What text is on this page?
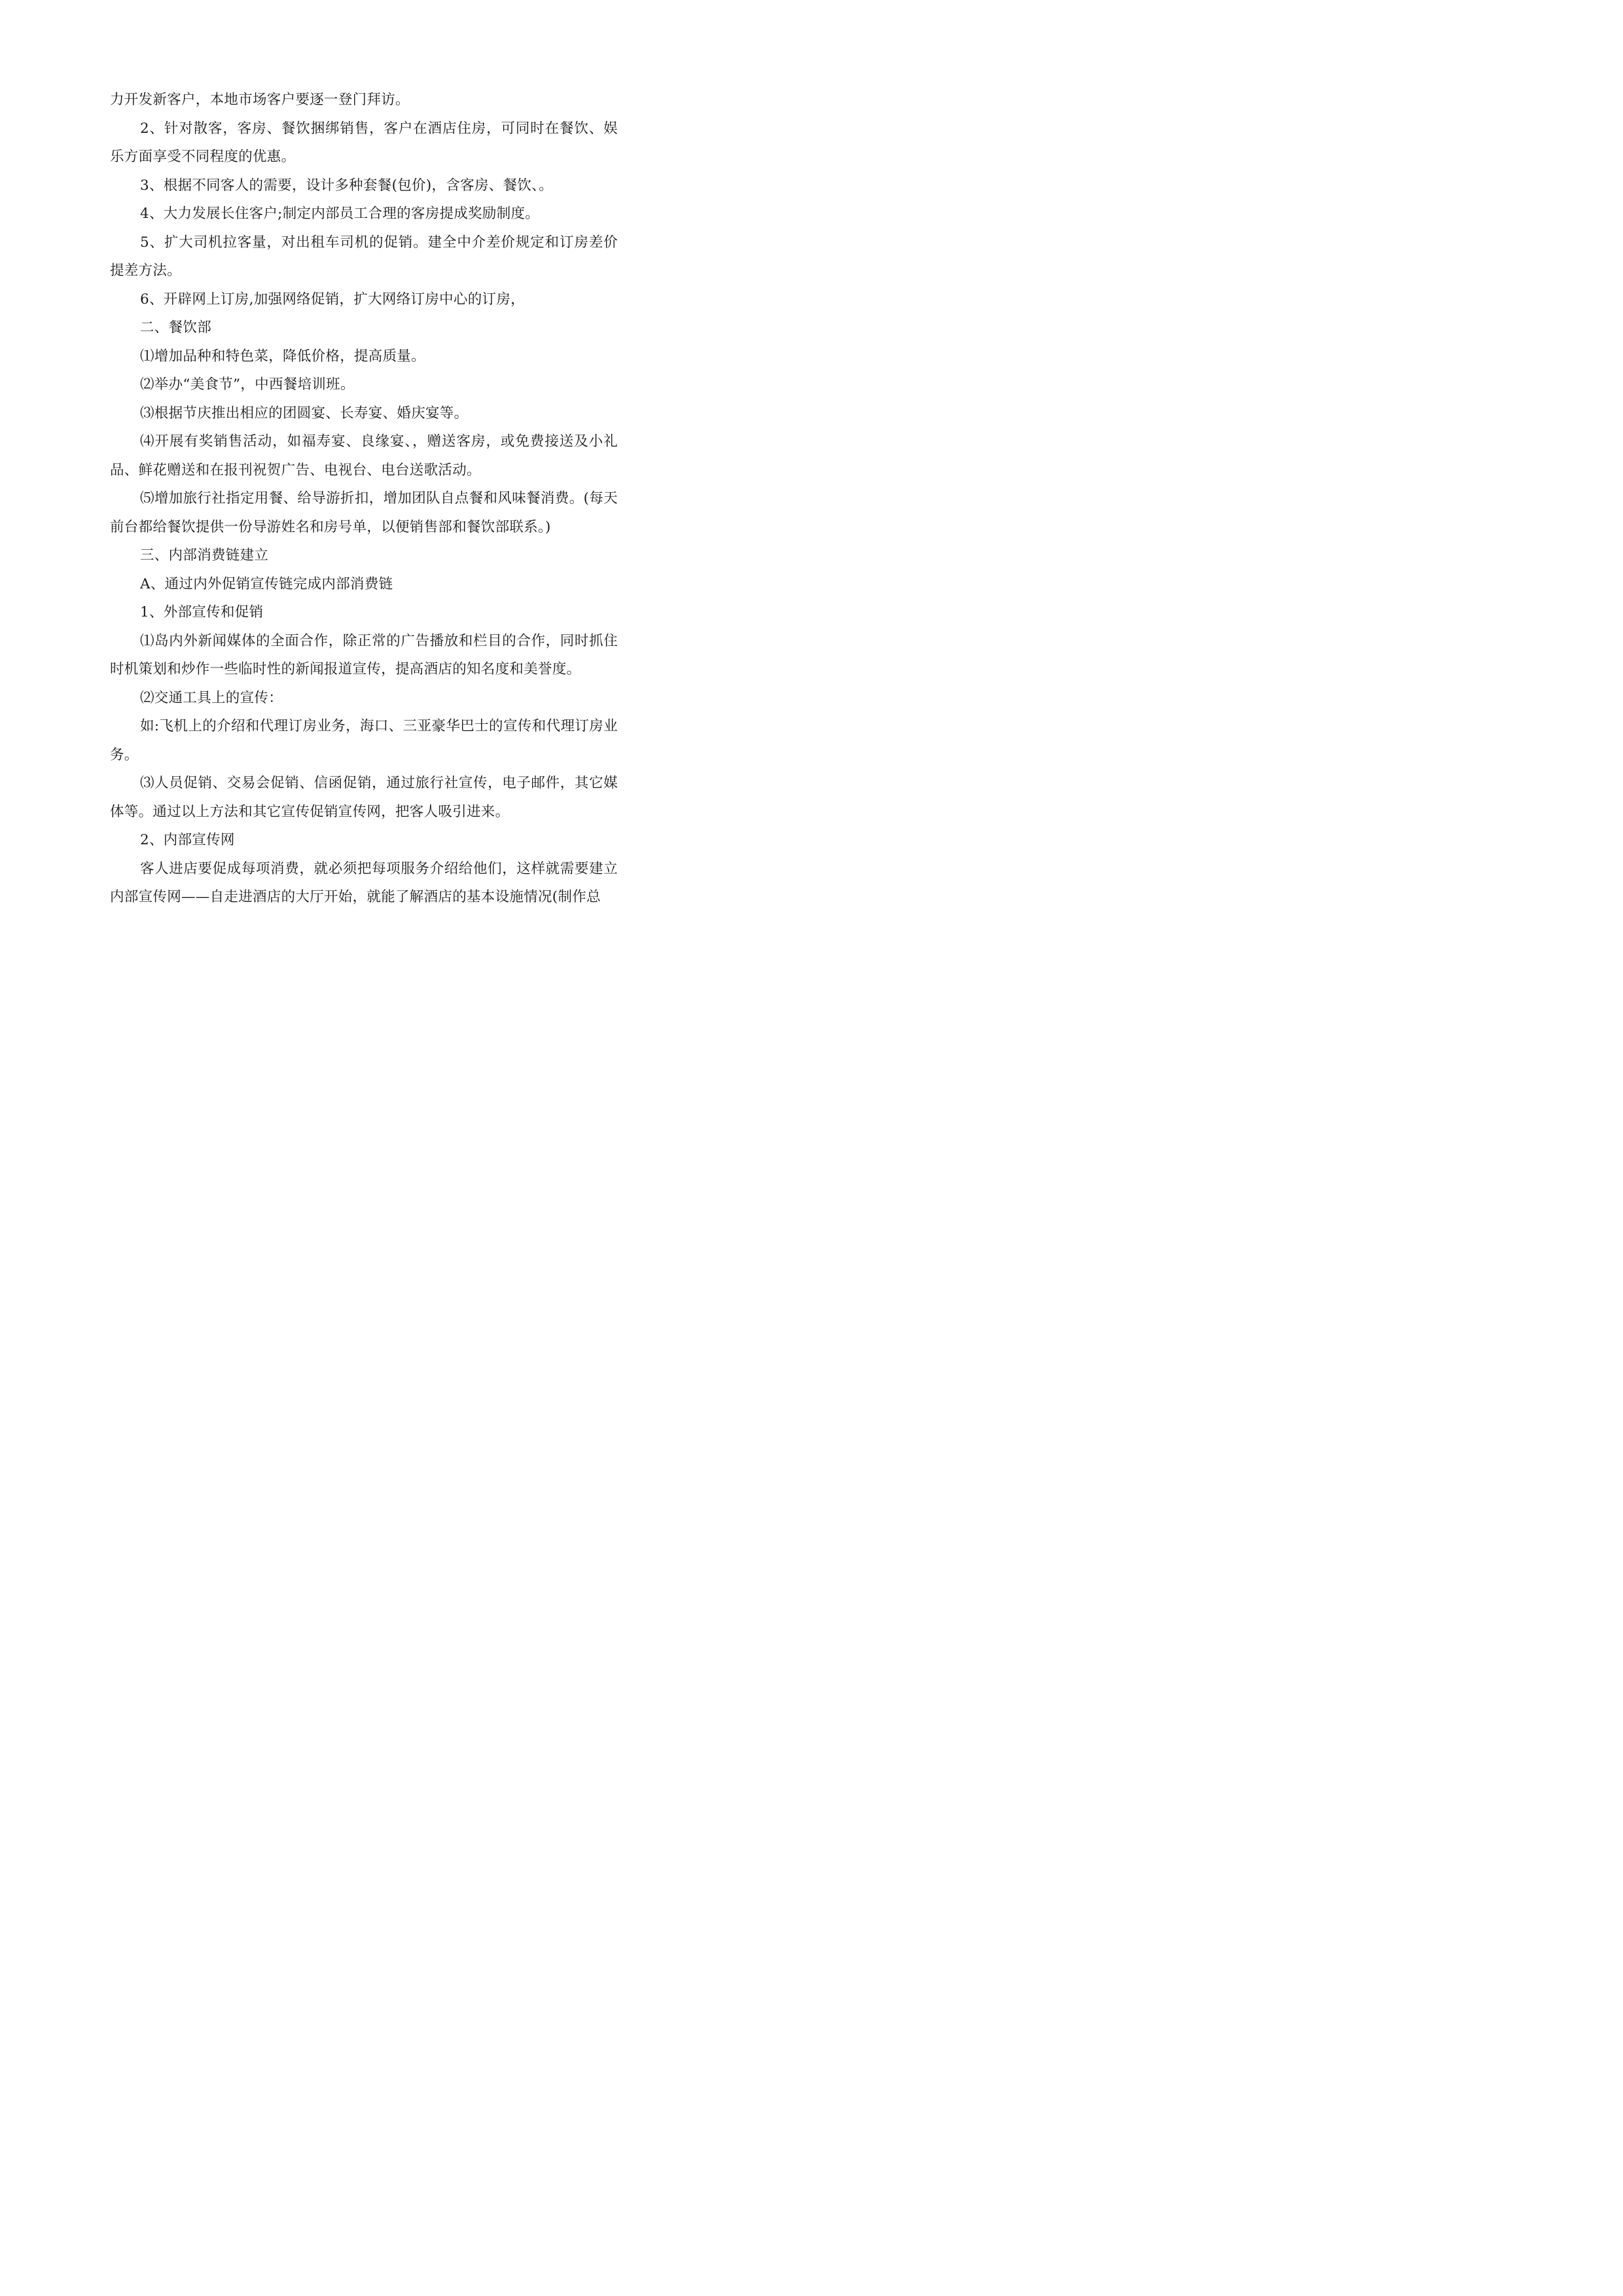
力开发新客户，本地市场客户要逐一登门拜访。

2、针对散客，客房、餐饮捆绑销售，客户在酒店住房，可同时在餐饮、娱乐方面享受不同程度的优惠。

3、根据不同客人的需要，设计多种套餐(包价)，含客房、餐饮、。

4、大力发展长住客户;制定内部员工合理的客房提成奖励制度。

5、扩大司机拉客量，对出租车司机的促销。建全中介差价规定和订房差价提差方法。

6、开辟网上订房,加强网络促销，扩大网络订房中心的订房，

二、餐饮部

⑴增加品种和特色菜，降低价格，提高质量。

⑵举办“美食节”，中西餐培训班。

⑶根据节庆推出相应的团圆宴、长寿宴、婚庆宴等。

⑷开展有奖销售活动，如福寿宴、良缘宴、，赠送客房，或免费接送及小礼品、鲜花赠送和在报刊祝贺广告、电视台、电台送歌活动。

⑸增加旅行社指定用餐、给导游折扣，增加团队自点餐和风味餐消费。(每天前台都给餐饮提供一份导游姓名和房号单，以便销售部和餐饮部联系。)

三、内部消费链建立

A、通过内外促销宣传链完成内部消费链

1、外部宣传和促销

⑴岛内外新闻媒体的全面合作，除正常的广告播放和栏目的合作，同时抓住时机策划和炒作一些临时性的新闻报道宣传，提高酒店的知名度和美誉度。

⑵交通工具上的宣传：

如:飞机上的介绍和代理订房业务，海口、三亚豪华巴士的宣传和代理订房业务。

⑶人员促销、交易会促销、信函促销，通过旅行社宣传，电子邮件，其它媒体等。通过以上方法和其它宣传促销宣传网，把客人吸引进来。

2、内部宣传网

客人进店要促成每项消费，就必须把每项服务介绍给他们，这样就需要建立内部宣传网——自走进酒店的大厅开始，就能了解酒店的基本设施情况(制作总
